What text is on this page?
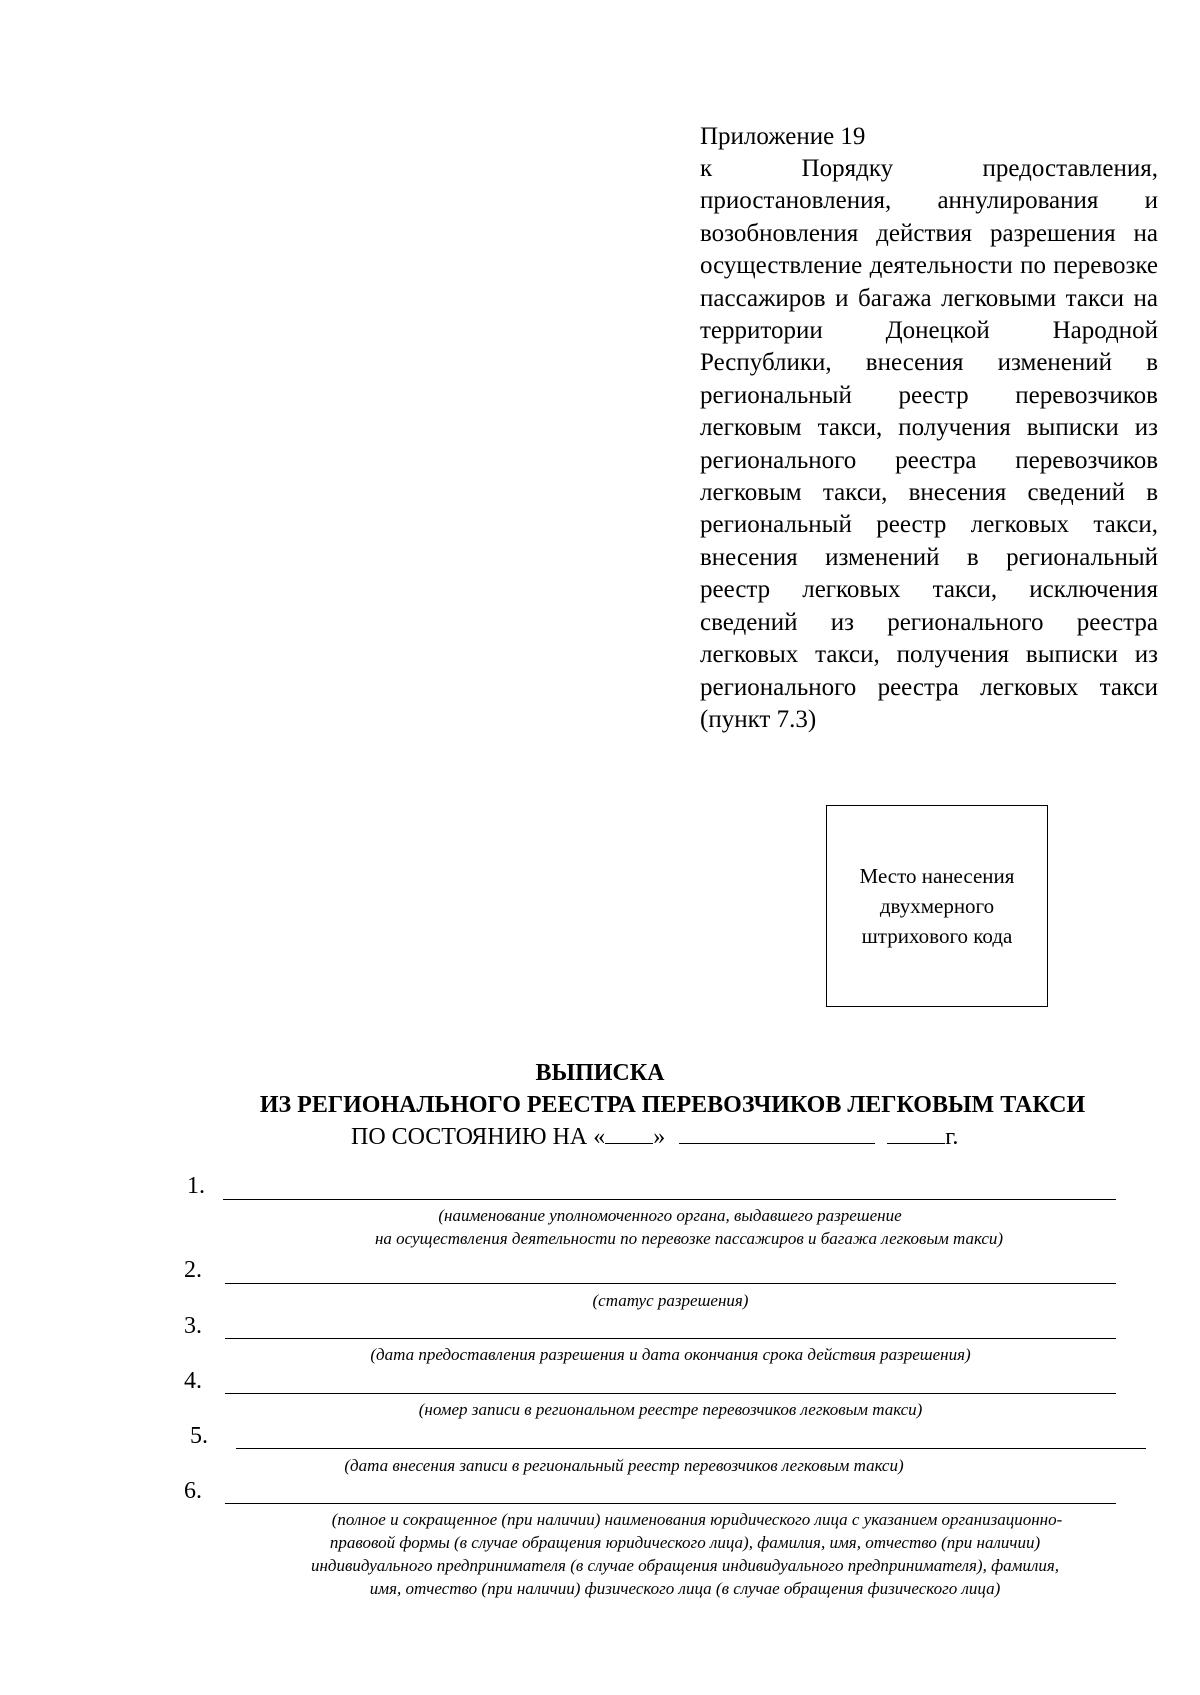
Приложение 19
к Порядку предоставления, приостановления, аннулирования и возобновления действия разрешения на осуществление деятельности по перевозке пассажиров и багажа легковыми такси на территории Донецкой Народной Республики, внесения изменений в региональный реестр перевозчиков легковым такси, получения выписки из регионального реестра перевозчиков легковым такси, внесения сведений в региональный реестр легковых такси, внесения изменений в региональный реестр легковых такси, исключения сведений из регионального реестра легковых такси, получения выписки из регионального реестра легковых такси (пункт 7.3)
Место нанесения
двухмерного
штрихового кода
ВЫПИСКА
ИЗ РЕГИОНАЛЬНОГО РЕЕСТРА ПЕРЕВОЗЧИКОВ ЛЕГКОВЫМ ТАКСИ
ПО СОСТОЯНИЮ НА « »	г.
1.
(наименование уполномоченного органа, выдавшего разрешение
на осуществления деятельности по перевозке пассажиров и багажа легковым такси)
2.
(статус разрешения)
3.
(дата предоставления разрешения и дата окончания срока действия разрешения)
4.
(номер записи в региональном реестре перевозчиков легковым такси)
5.
(дата внесения записи в региональный реестр перевозчиков легковым такси)
6.
(полное и сокращенное (при наличии) наименования юридического лица с указанием организационно-
правовой формы (в случае обращения юридического лица), фамилия, имя, отчество (при наличии)
индивидуального предпринимателя (в случае обращения индивидуального предпринимателя), фамилия,
имя, отчество (при наличии) физического лица (в случае обращения физического лица)
